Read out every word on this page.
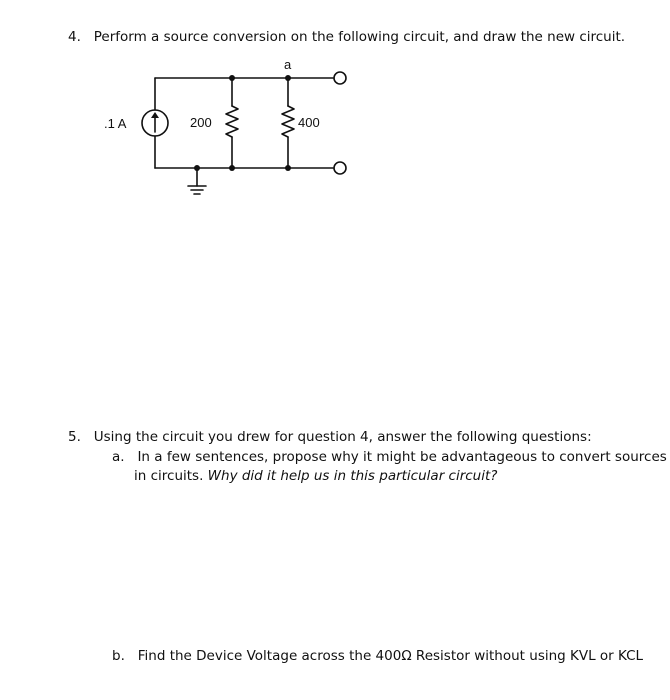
4.   Perform a source conversion on the following circuit, and draw the new circuit.
a
.1 A	200	400
5.   Using the circuit you drew for question 4, answer the following questions:
a.   In a few sentences, propose why it might be advantageous to convert sources
in circuits. Why did it help us in this particular circuit?
b.   Find the Device Voltage across the 400Ω Resistor without using KVL or KCL
